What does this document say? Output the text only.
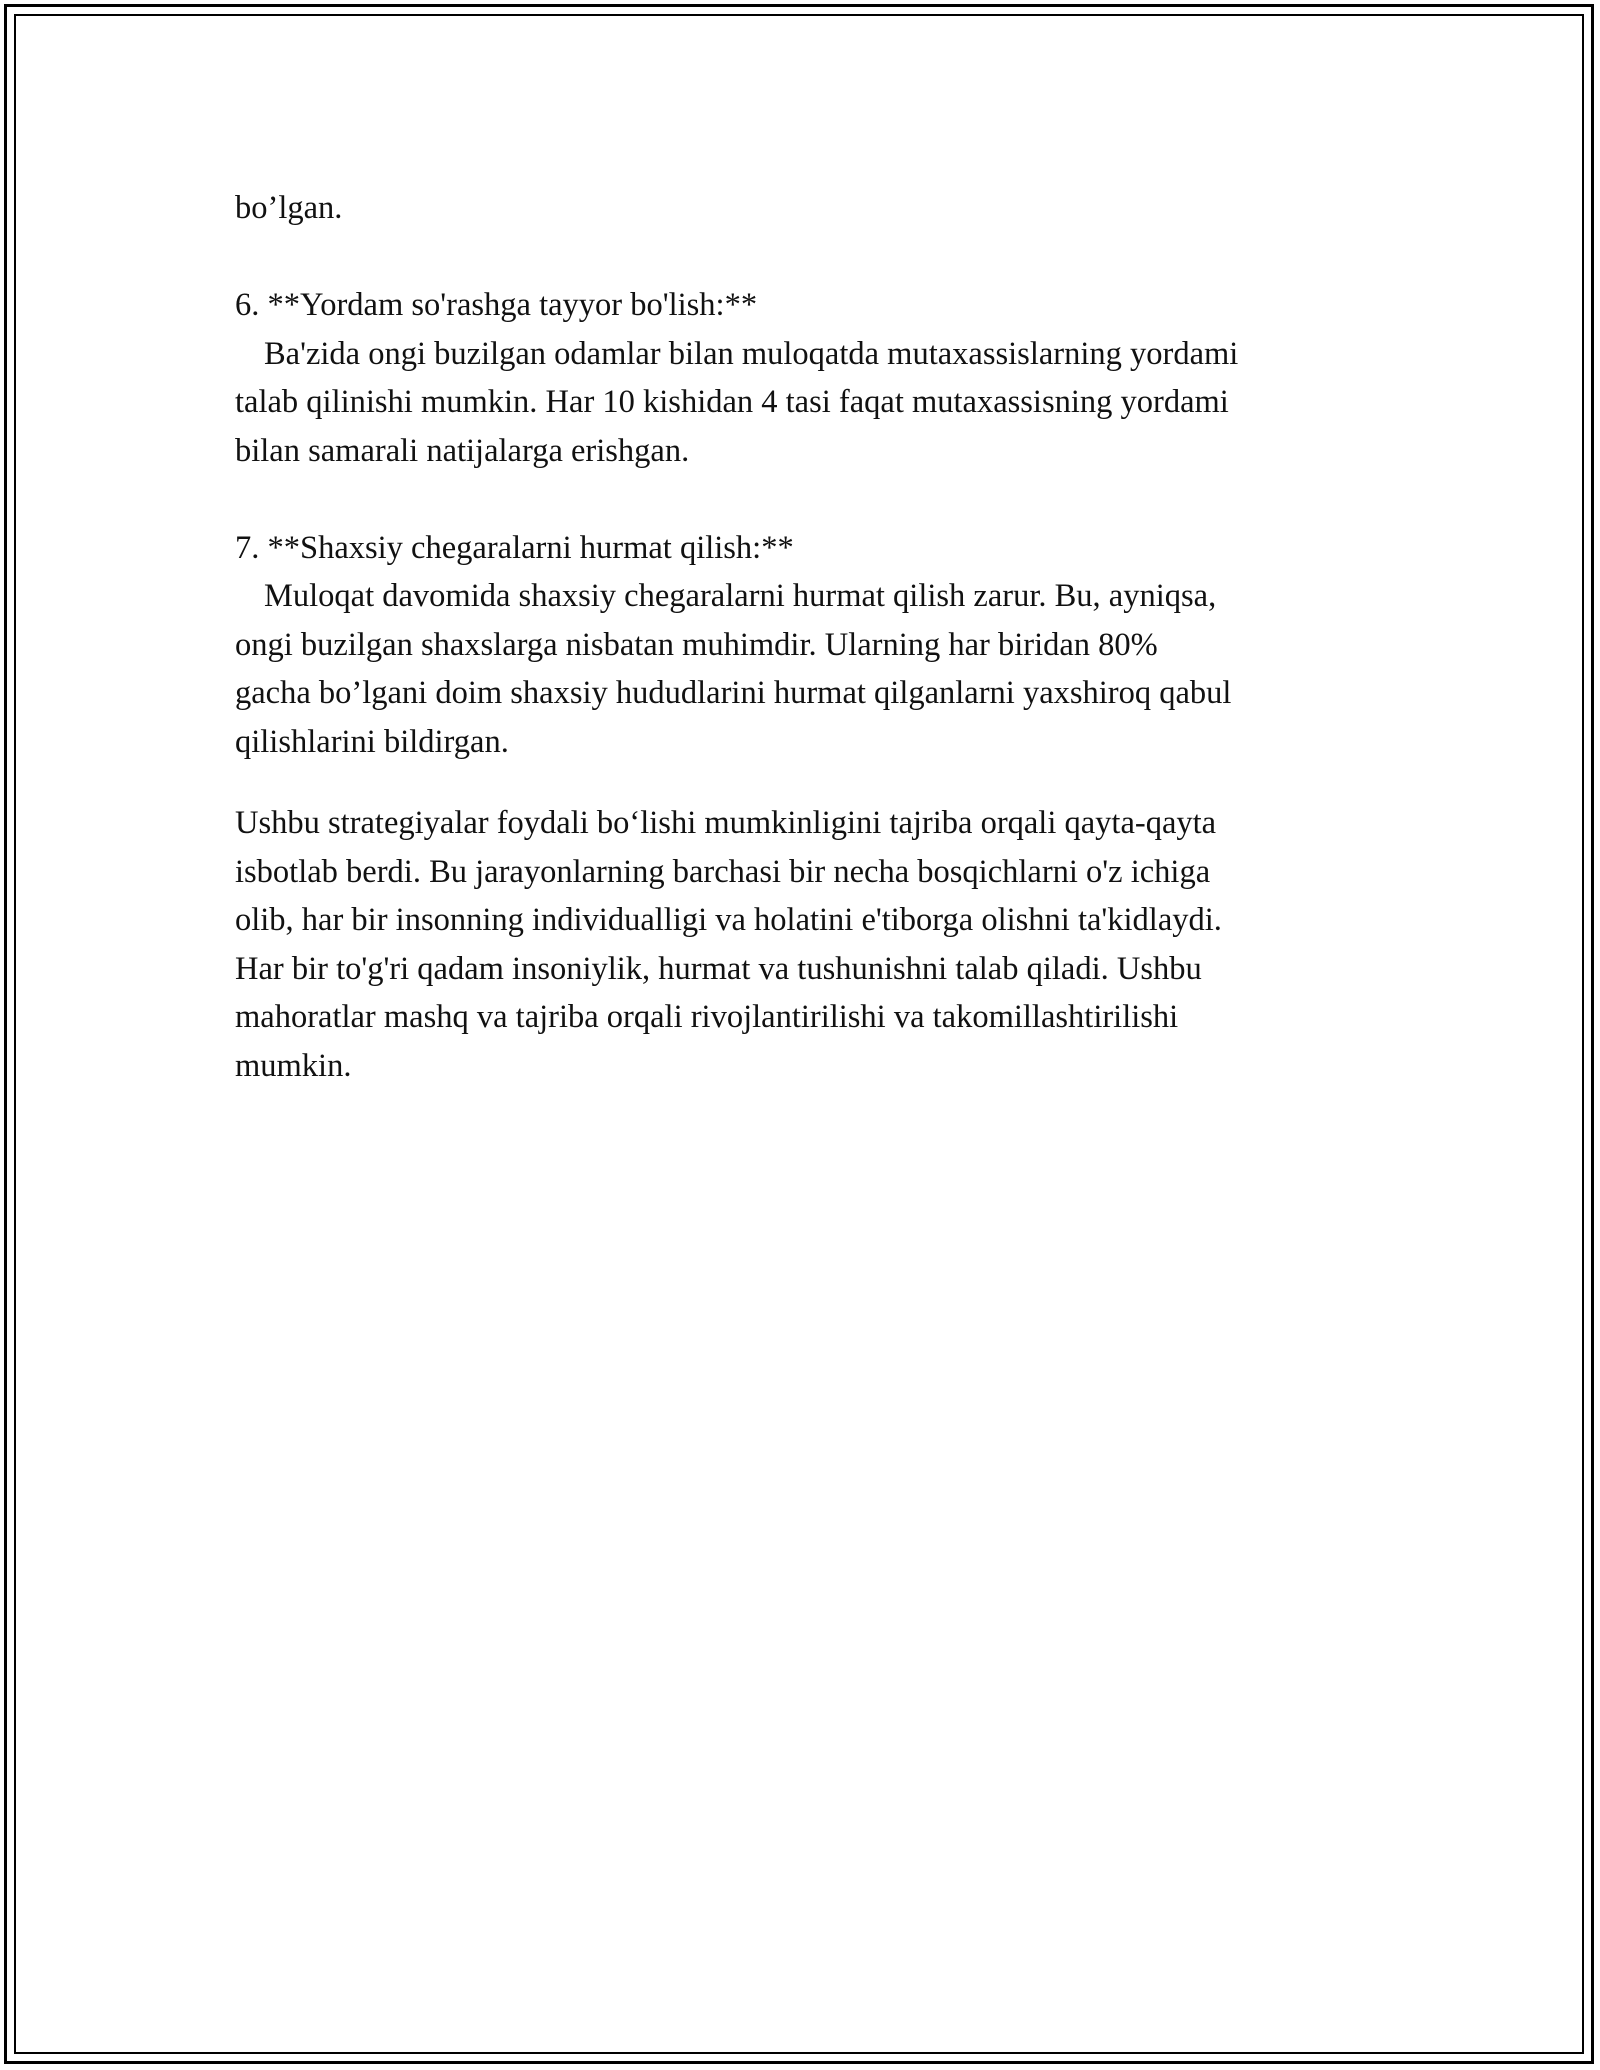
bo’lgan.

6. **Yordam so'rashga tayyor bo'lish:**

Ba'zida ongi buzilgan odamlar bilan muloqatda mutaxassislarning yordami

talab qilinishi mumkin. Har 10 kishidan 4 tasi faqat mutaxassisning yordami

bilan samarali natijalarga erishgan.

7. **Shaxsiy chegaralarni hurmat qilish:**

Muloqat davomida shaxsiy chegaralarni hurmat qilish zarur. Bu, ayniqsa,

ongi buzilgan shaxslarga nisbatan muhimdir. Ularning har biridan 80%

gacha bo’lgani doim shaxsiy hududlarini hurmat qilganlarni yaxshiroq qabul

qilishlarini bildirgan.

Ushbu strategiyalar foydali bo‘lishi mumkinligini tajriba orqali qayta-qayta

isbotlab berdi. Bu jarayonlarning barchasi bir necha bosqichlarni o'z ichiga

olib, har bir insonning individualligi va holatini e'tiborga olishni ta'kidlaydi.

Har bir to'g'ri qadam insoniylik, hurmat va tushunishni talab qiladi. Ushbu

mahoratlar mashq va tajriba orqali rivojlantirilishi va takomillashtirilishi

mumkin.
